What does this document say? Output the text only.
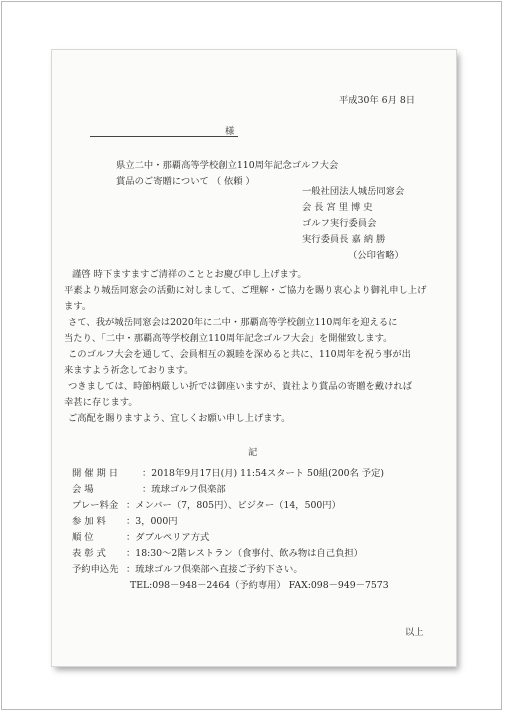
平成30年 6月 8日
様
県立二中・那覇高等学校創立110周年記念ゴルフ大会
賞品のご寄贈について （ 依頼 ）
一般社団法人城岳同窓会
会 長 宮 里 博 史
ゴルフ実行委員会
実行委員長 嘉 納 勝
（公印省略）
謹啓 時下ますますご清祥のこととお慶び申し上げます。
平素より城岳同窓会の活動に対しまして、ご理解・ご協力を賜り衷心より御礼申し上げ
ます。
さて、我が城岳同窓会は2020年に二中・那覇高等学校創立110周年を迎えるに
当たり、「二中・那覇高等学校創立110周年記念ゴルフ大会」を開催致します。
このゴルフ大会を通して、会員相互の親睦を深めると共に、110周年を祝う事が出
来ますよう祈念しております。
つきましては、時節柄厳しい折では御座いますが、貴社より賞品の寄贈を戴ければ
幸甚に存じます。
ご高配を賜りますよう、宜しくお願い申し上げます。
記
開 催 期 日	：2018年9月17日(月) 11:54スタート 50組(200名 予定)
会 場	：琉球ゴルフ倶楽部
プレー料金 ：メンバー（7，805円）、ビジター（14，500円）
参 加 料	：3，000円
順 位	：ダブルペリア方式
表 彰 式	：18:30～2階レストラン（食事付、飲み物は自己負担）
予約申込先 ：琉球ゴルフ倶楽部へ直接ご予約下さい。
TEL:098－948－2464（予約専用） FAX:098－949－7573
以上
